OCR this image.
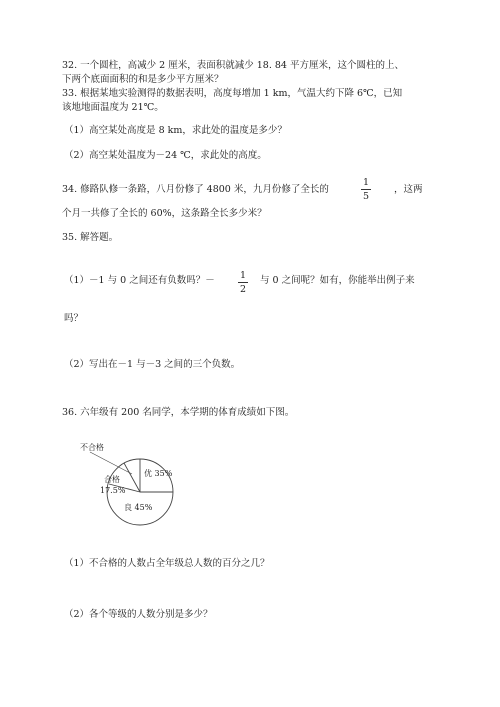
32. 一个圆柱，高减少 2 厘米，表面积就减少 18. 84 平方厘米，这个圆柱的上、
下两个底面面积的和是多少平方厘米？
33. 根据某地实验测得的数据表明，高度每增加 1 km，气温大约下降 6℃，已知
该地地面温度为 21℃。
（1）高空某处高度是 8 km，求此处的温度是多少？
（2）高空某处温度为－24 ℃，求此处的高度。
34. 修路队修一条路，八月份修了 4800 米，九月份修了全长的
1
5
，这两
个月一共修了全长的 60%，这条路全长多少米？
35. 解答题。
（1）－1 与 0 之间还有负数吗？－	1
2
与 0 之间呢？如有，你能举出例子来
吗？
（2）写出在－1 与－3 之间的三个负数。
36. 六年级有 200 名同学，本学期的体育成绩如下图。
不合格
优 35%
合格
17.5%
良 45%
（1）不合格的人数占全年级总人数的百分之几？
（2）各个等级的人数分别是多少？
